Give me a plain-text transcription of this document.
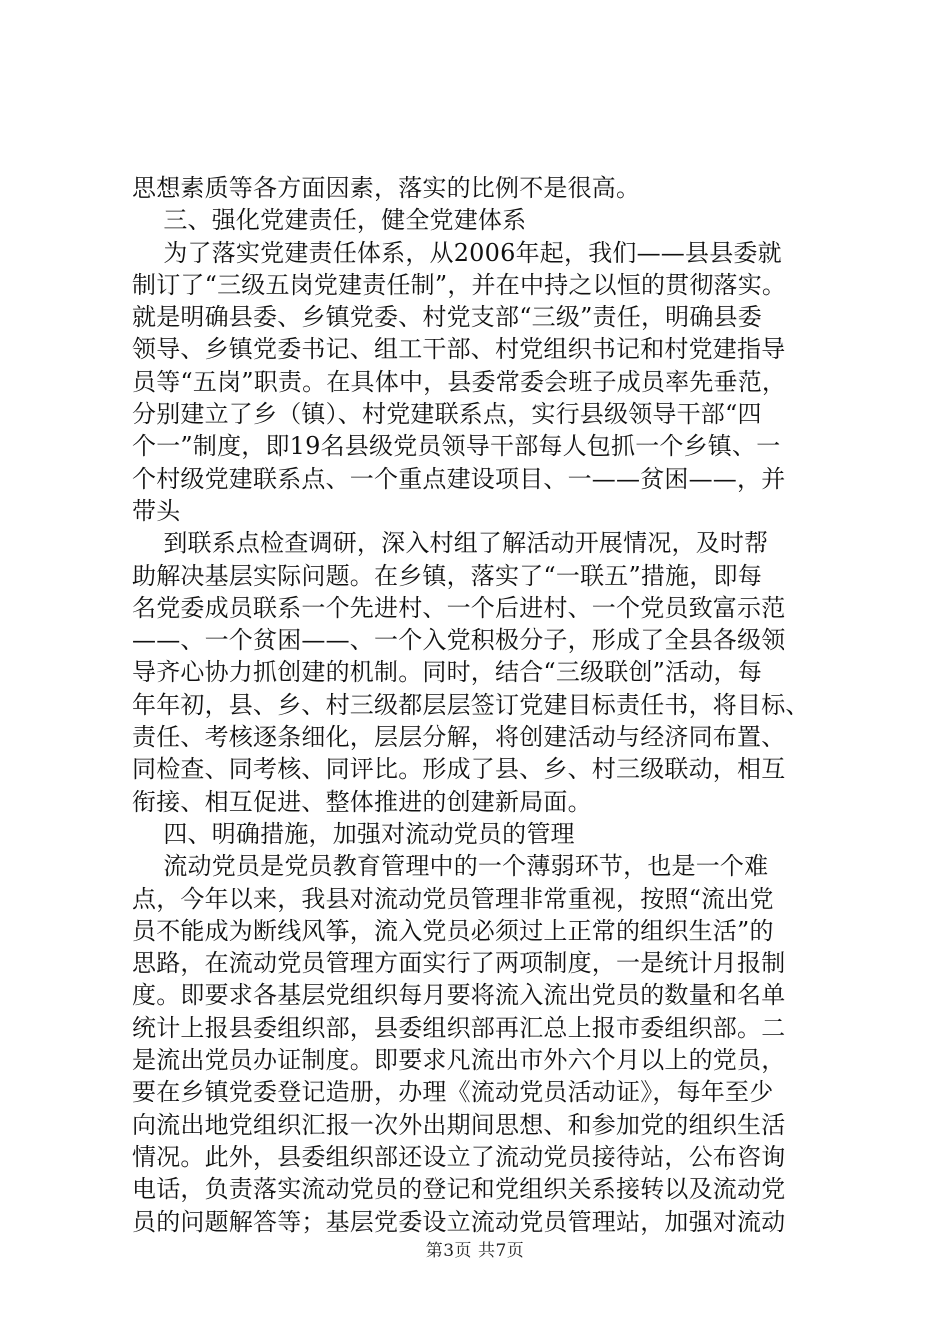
思想素质等各方面因素，落实的比例不是很高。
三、强化党建责任，健全党建体系
为了落实党建责任体系，从2006年起，我们——县县委就
制订了“三级五岗党建责任制”，并在中持之以恒的贯彻落实。
就是明确县委、乡镇党委、村党支部“三级”责任，明确县委
领导、乡镇党委书记、组工干部、村党组织书记和村党建指导
员等“五岗”职责。在具体中，县委常委会班子成员率先垂范，
分别建立了乡（镇）、村党建联系点，实行县级领导干部“四
个一”制度，即19名县级党员领导干部每人包抓一个乡镇、一
个村级党建联系点、一个重点建设项目、一——贫困——，并
带头
到联系点检查调研，深入村组了解活动开展情况，及时帮
助解决基层实际问题。在乡镇，落实了“一联五”措施，即每
名党委成员联系一个先进村、一个后进村、一个党员致富示范
——、一个贫困——、一个入党积极分子，形成了全县各级领
导齐心协力抓创建的机制。同时，结合“三级联创”活动，每
年年初，县、乡、村三级都层层签订党建目标责任书，将目标、
责任、考核逐条细化，层层分解，将创建活动与经济同布置、
同检查、同考核、同评比。形成了县、乡、村三级联动，相互
衔接、相互促进、整体推进的创建新局面。
四、明确措施，加强对流动党员的管理
流动党员是党员教育管理中的一个薄弱环节，也是一个难
点，今年以来，我县对流动党员管理非常重视，按照“流出党
员不能成为断线风筝，流入党员必须过上正常的组织生活”的
思路，在流动党员管理方面实行了两项制度，一是统计月报制
度。即要求各基层党组织每月要将流入流出党员的数量和名单
统计上报县委组织部，县委组织部再汇总上报市委组织部。二
是流出党员办证制度。即要求凡流出市外六个月以上的党员，
要在乡镇党委登记造册，办理《流动党员活动证》，每年至少
向流出地党组织汇报一次外出期间思想、和参加党的组织生活
情况。此外，县委组织部还设立了流动党员接待站，公布咨询
电话，负责落实流动党员的登记和党组织关系接转以及流动党
员的问题解答等；基层党委设立流动党员管理站，加强对流动
第3页 共7页
